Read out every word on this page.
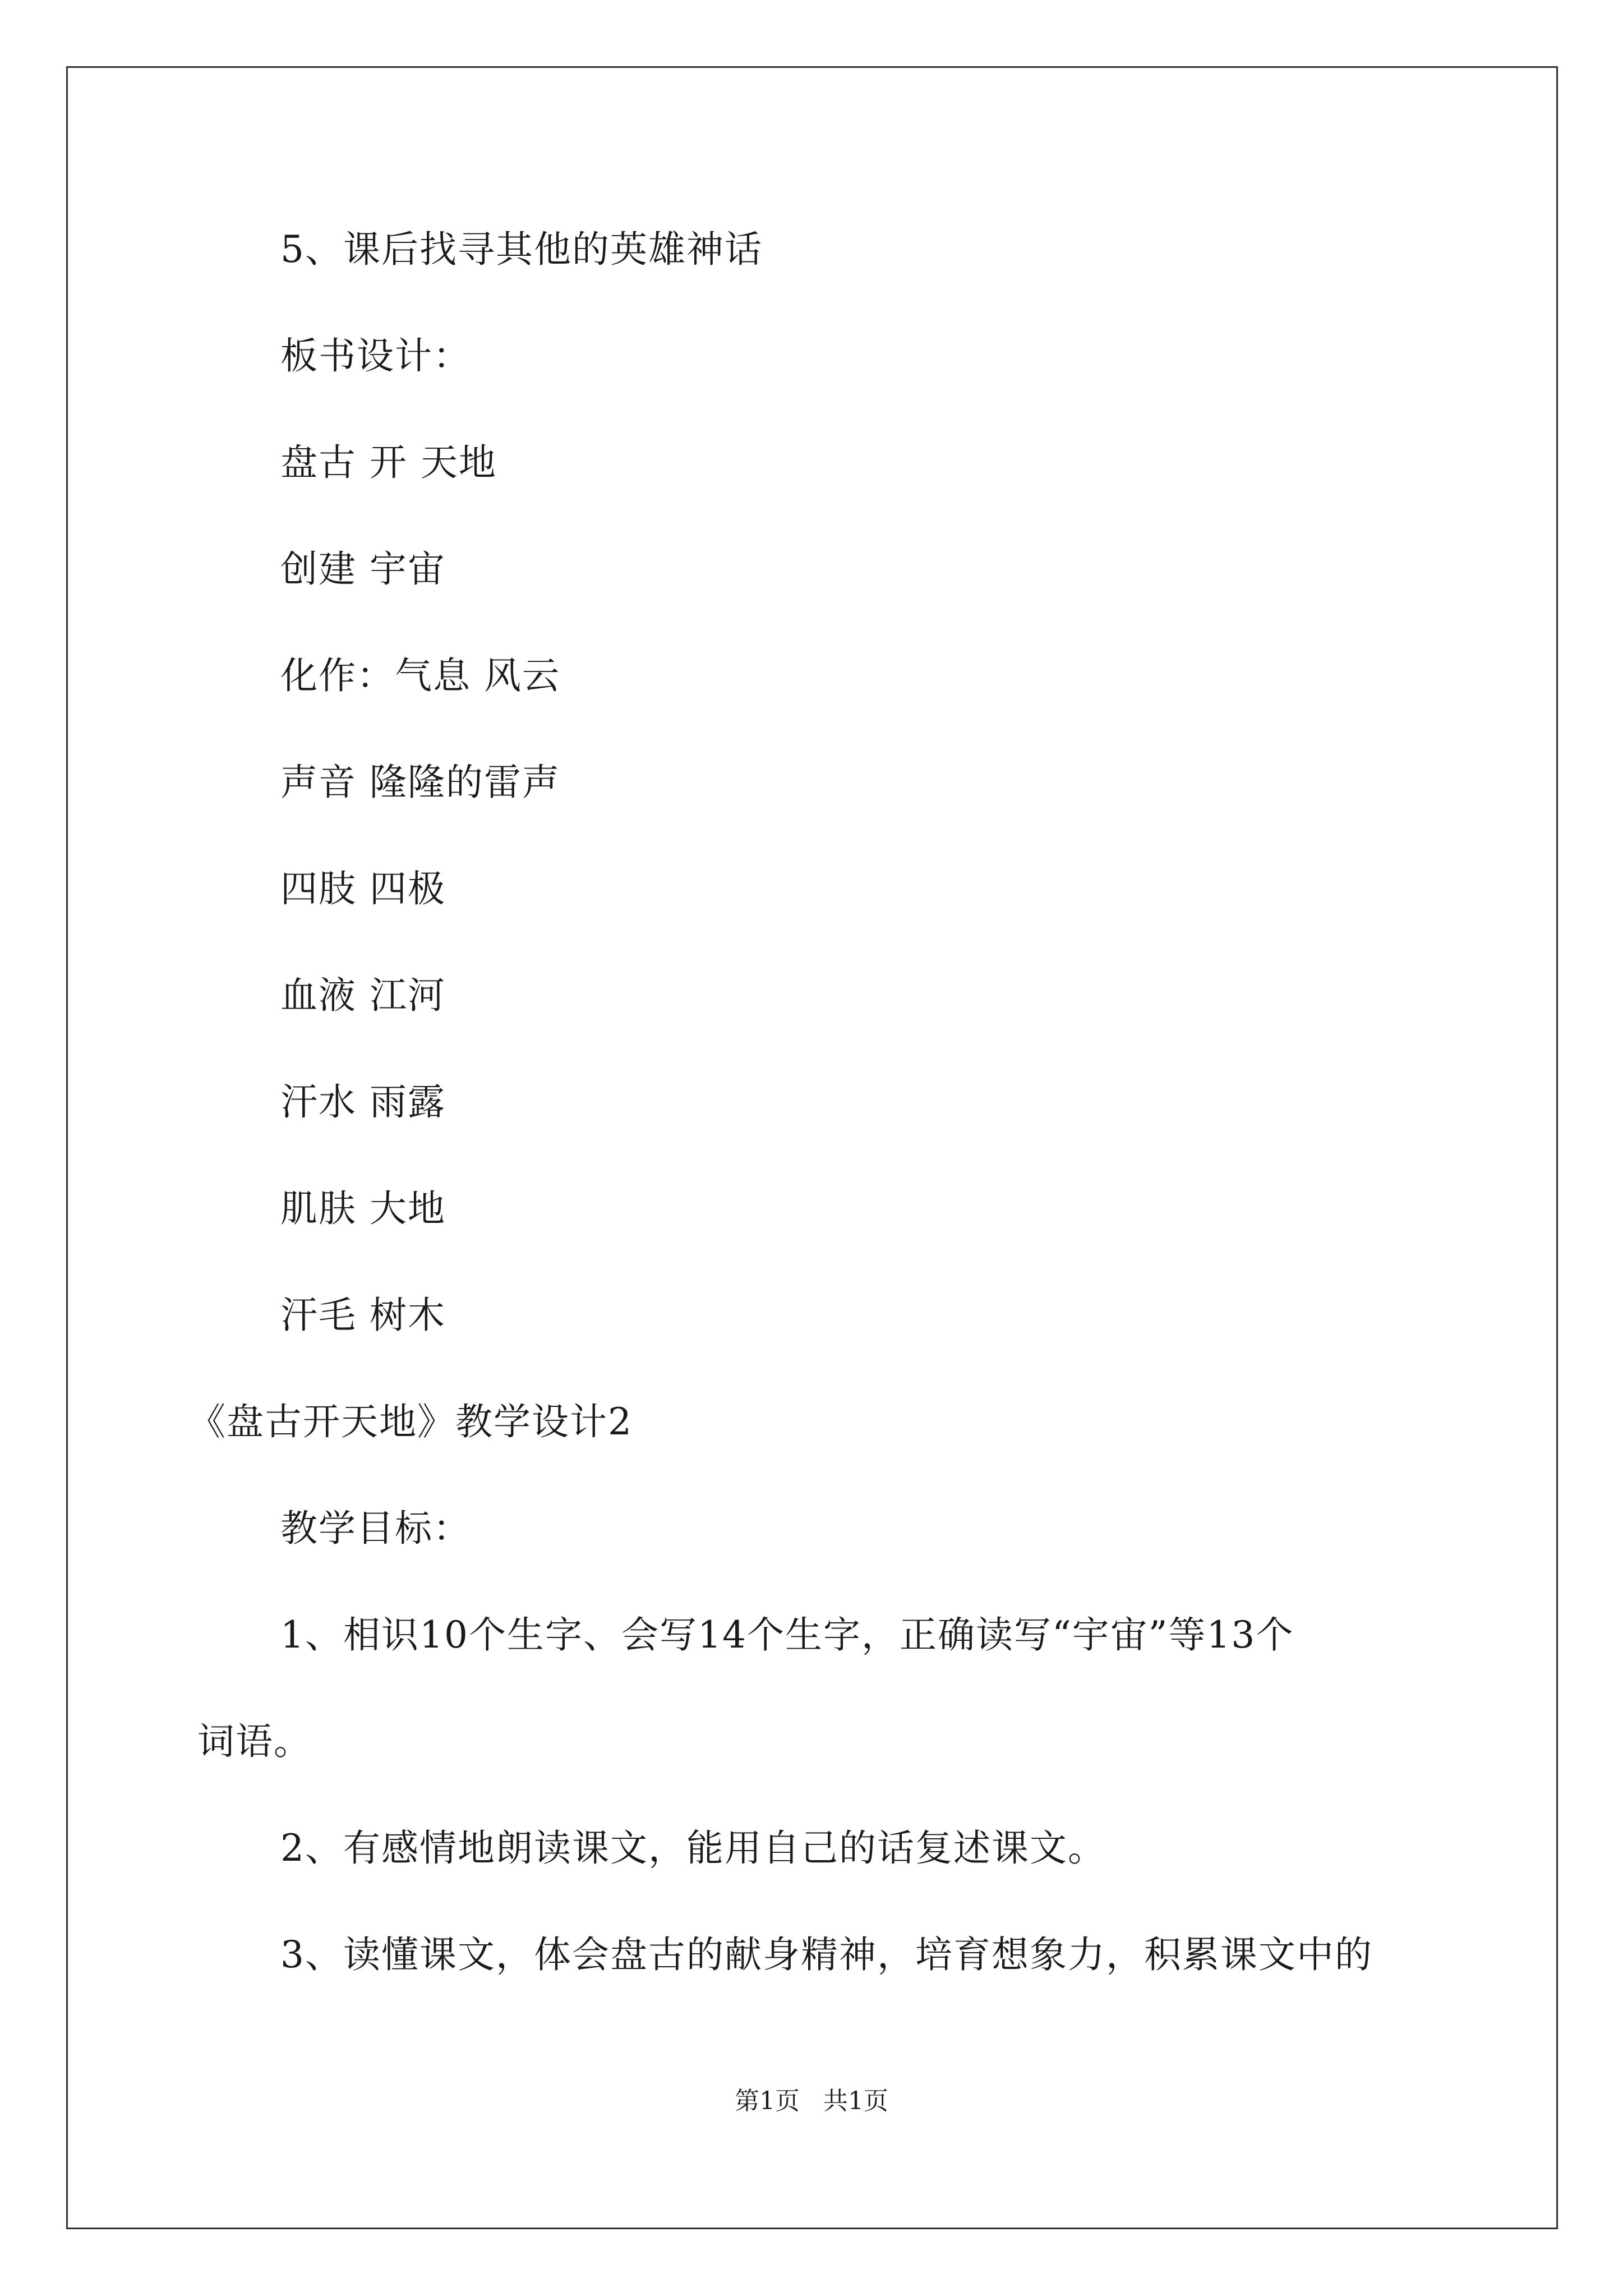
5、课后找寻其他的英雄神话
板书设计：
盘古 开 天地
创建 宇宙
化作：气息 风云
声音 隆隆的雷声
四肢 四极
血液 江河
汗水 雨露
肌肤 大地
汗毛 树木
《盘古开天地》教学设计2
教学目标：
1、相识10个生字、会写14个生字，正确读写“宇宙”等13个
词语。
2、有感情地朗读课文，能用自己的话复述课文。
3、读懂课文，体会盘古的献身精神，培育想象力，积累课文中的
第1页   共1页
